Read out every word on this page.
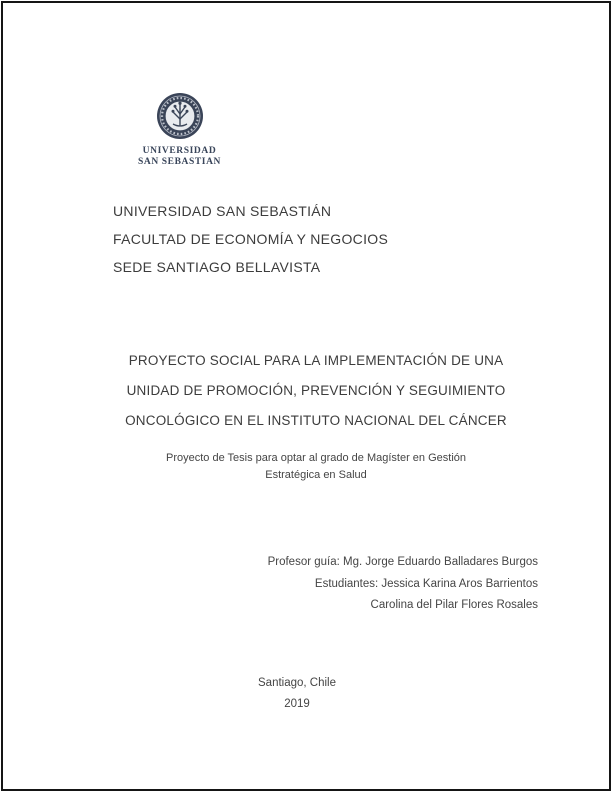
UNIVERSIDAD
SAN SEBASTIAN
UNIVERSIDAD SAN SEBASTIÁN
FACULTAD DE ECONOMÍA Y NEGOCIOS
SEDE SANTIAGO BELLAVISTA
PROYECTO SOCIAL PARA LA IMPLEMENTACIÓN DE UNA
UNIDAD DE PROMOCIÓN, PREVENCIÓN Y SEGUIMIENTO
ONCOLÓGICO EN EL INSTITUTO NACIONAL DEL CÁNCER
Proyecto de Tesis para optar al grado de Magíster en Gestión
Estratégica en Salud
Profesor guía: Mg. Jorge Eduardo Balladares Burgos
Estudiantes: Jessica Karina Aros Barrientos
Carolina del Pilar Flores Rosales
Santiago, Chile
2019
